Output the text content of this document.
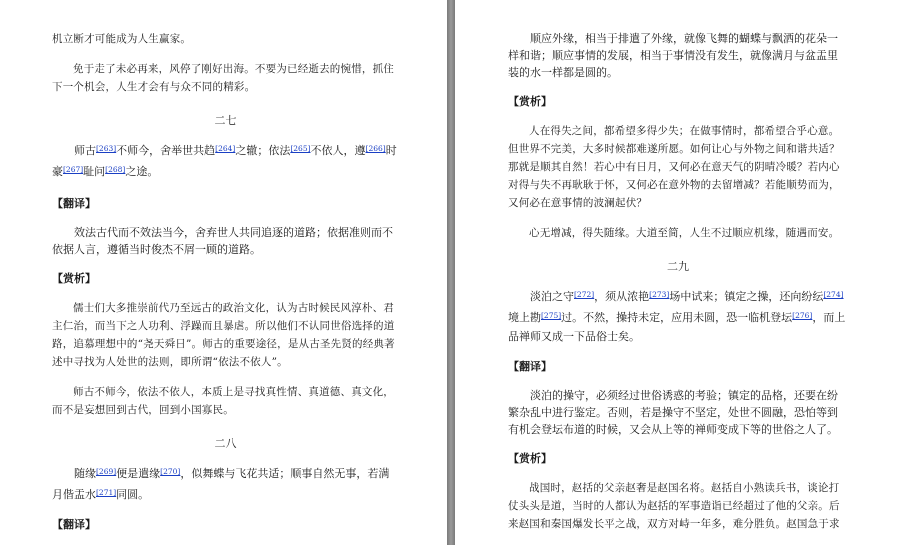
机立断才可能成为人生赢家。

免于走了未必再来，风停了刚好出海。不要为已经逝去的惋惜，抓住下一个机会，人生才会有与众不同的精彩。

二七

师古[263]不师今，舍举世共趋[264]之辙；依法[265]不依人，遵[266]时豪[267]耻问[268]之途。

【翻译】

效法古代而不效法当今，舍弃世人共同追逐的道路；依据准则而不依据人言，遵循当时俊杰不屑一顾的道路。

【赏析】

儒士们大多推崇前代乃至远古的政治文化，认为古时候民风淳朴、君主仁治，而当下之人功利、浮躁而且暴虐。所以他们不认同世俗选择的道路，追慕理想中的“尧天舜日”。师古的重要途径，是从古圣先贤的经典著述中寻找为人处世的法则，即所谓“依法不依人”。

师古不师今，依法不依人，本质上是寻找真性情、真道德、真文化，而不是妄想回到古代，回到小国寡民。

二八

随缘[269]便是遣缘[270]，似舞蝶与飞花共适；顺事自然无事，若满月偕盂水[271]同圆。

【翻译】

顺应外缘，相当于排遣了外缘，就像飞舞的蝴蝶与飘洒的花朵一样和谐；顺应事情的发展，相当于事情没有发生，就像满月与盆盂里装的水一样都是圆的。

【赏析】

人在得失之间，都希望多得少失；在做事情时，都希望合乎心意。但世界不完美，大多时候都难遂所愿。如何让心与外物之间和谐共适？那就是顺其自然！若心中有日月，又何必在意天气的阴晴冷暖？若内心对得与失不再耿耿于怀，又何必在意外物的去留增减？若能顺势而为，又何必在意事情的波澜起伏？

心无增减，得失随缘。大道至简，人生不过顺应机缘，随遇而安。

二九

淡泊之守[272]，须从浓艳[273]场中试来；镇定之操，还向纷纭[274]境上勘[275]过。不然，操持未定，应用未圆，恐一临机登坛[276]，而上品禅师又成一下品俗士矣。

【翻译】

淡泊的操守，必须经过世俗诱惑的考验；镇定的品格，还要在纷繁杂乱中进行鉴定。否则，若是操守不坚定，处世不圆融，恐怕等到有机会登坛布道的时候，又会从上等的禅师变成下等的世俗之人了。

【赏析】

战国时，赵括的父亲赵奢是赵国名将。赵括自小熟读兵书，谈论打仗头头是道，当时的人都认为赵括的军事造诣已经超过了他的父亲。后来赵国和秦国爆发长平之战，双方对峙一年多，难分胜负。赵国急于求
